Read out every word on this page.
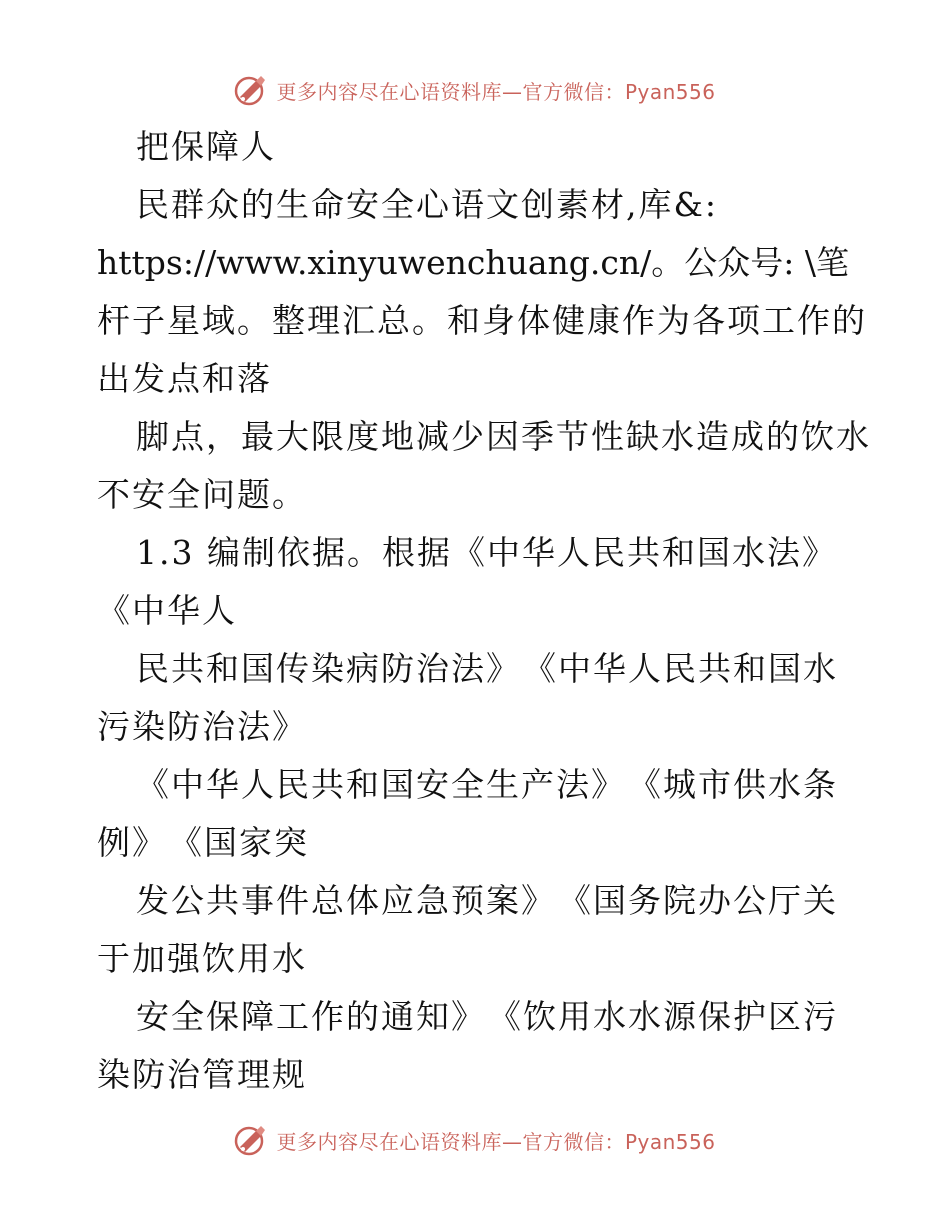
更多内容尽在心语资料库—官方微信：Pyan556
把保障人
民群众的生命安全心语文创素材,库&:
https://www.xinyuwenchuang.cn/。公众号: \笔
杆子星域。整理汇总。和身体健康作为各项工作的
出发点和落
脚点，最大限度地减少因季节性缺水造成的饮水
不安全问题。
1.3 编制依据。根据《中华人民共和国水法》
《中华人
民共和国传染病防治法》　《中华人民共和国水
污染防治法》
《中华人民共和国安全生产法》　《城市供水条
例》　《国家突
发公共事件总体应急预案》　《国务院办公厅关
于加强饮用水
安全保障工作的通知》　《饮用水水源保护区污
染防治管理规
更多内容尽在心语资料库—官方微信：Pyan556
